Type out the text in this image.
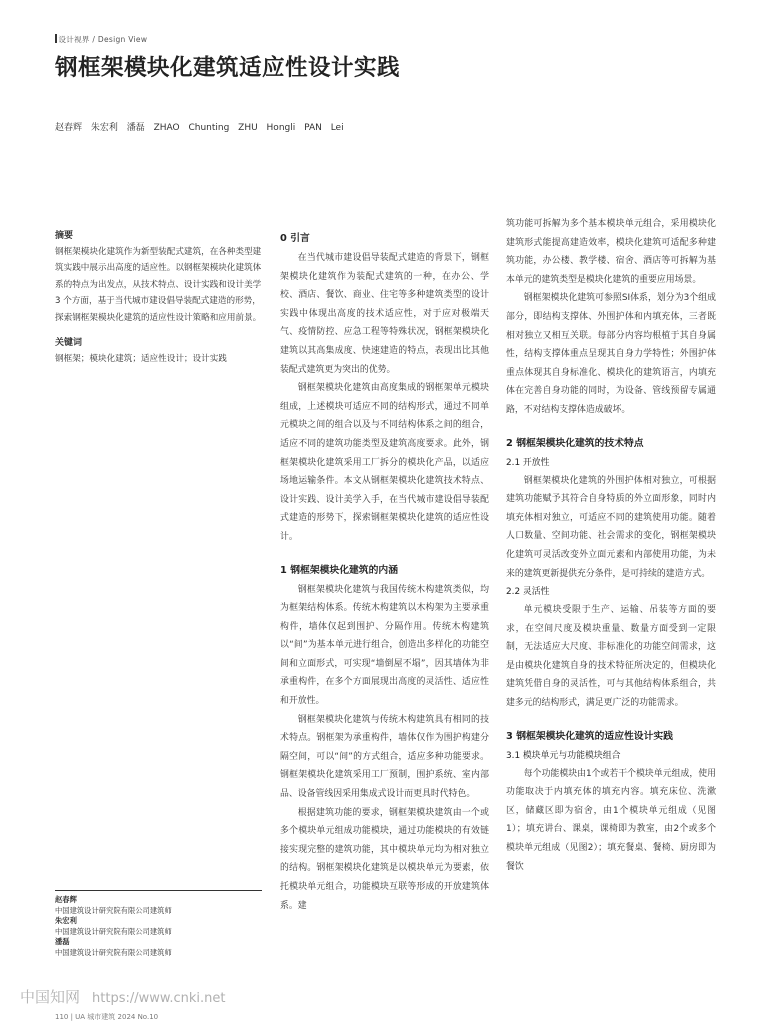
设计视界 / Design View
钢框架模块化建筑适应性设计实践
赵春辉 朱宏利 潘磊 ZHAO Chunting ZHU Hongli PAN Lei
摘要

钢框架模块化建筑作为新型装配式建筑，在各种类型建筑实践中展示出高度的适应性。以钢框架模块化建筑体系的特点为出发点，从技术特点、设计实践和设计美学 3 个方面，基于当代城市建设倡导装配式建造的形势，探索钢框架模块化建筑的适应性设计策略和应用前景。

关键词

钢框架；模块化建筑；适应性设计；设计实践

0 引言

在当代城市建设倡导装配式建造的背景下，钢框架模块化建筑作为装配式建筑的一种，在办公、学校、酒店、餐饮、商业、住宅等多种建筑类型的设计实践中体现出高度的技术适应性，对于应对极端天气、疫情防控、应急工程等特殊状况，钢框架模块化建筑以其高集成度、快速建造的特点，表现出比其他装配式建筑更为突出的优势。

钢框架模块化建筑由高度集成的钢框架单元模块组成，上述模块可适应不同的结构形式，通过不同单元模块之间的组合以及与不同结构体系之间的组合，适应不同的建筑功能类型及建筑高度要求。此外，钢框架模块化建筑采用工厂拆分的模块化产品，以适应场地运输条件。本文从钢框架模块化建筑技术特点、设计实践、设计美学入手，在当代城市建设倡导装配式建造的形势下，探索钢框架模块化建筑的适应性设计。

1 钢框架模块化建筑的内涵

钢框架模块化建筑与我国传统木构建筑类似，均为框架结构体系。传统木构建筑以木构架为主要承重构件，墙体仅起到围护、分隔作用。传统木构建筑以“间”为基本单元进行组合，创造出多样化的功能空间和立面形式，可实现“墙倒屋不塌”，因其墙体为非承重构件，在多个方面展现出高度的灵活性、适应性和开放性。

钢框架模块化建筑与传统木构建筑具有相同的技术特点。钢框架为承重构件，墙体仅作为围护构建分隔空间，可以“间”的方式组合，适应多种功能要求。钢框架模块化建筑采用工厂预制，围护系统、室内部品、设备管线因采用集成式设计而更具时代特色。

根据建筑功能的要求，钢框架模块建筑由一个或多个模块单元组成功能模块，通过功能模块的有效链接实现完整的建筑功能，其中模块单元均为相对独立的结构。钢框架模块化建筑是以模块单元为要素，依托模块单元组合，功能模块互联等形成的开放建筑体系。建

筑功能可拆解为多个基本模块单元组合，采用模块化建筑形式能提高建造效率，模块化建筑可适配多种建筑功能，办公楼、教学楼、宿舍、酒店等可拆解为基本单元的建筑类型是模块化建筑的重要应用场景。

钢框架模块化建筑可参照SI体系，划分为3个组成部分，即结构支撑体、外围护体和内填充体，三者既相对独立又相互关联。每部分内容均根植于其自身属性，结构支撑体重点呈现其自身力学特性；外围护体重点体现其自身标准化、模块化的建筑语言，内填充体在完善自身功能的同时，为设备、管线预留专属通路，不对结构支撑体造成破坏。

2 钢框架模块化建筑的技术特点
2.1 开放性

钢框架模块化建筑的外围护体相对独立，可根据建筑功能赋予其符合自身特质的外立面形象，同时内填充体相对独立，可适应不同的建筑使用功能。随着人口数量、空间功能、社会需求的变化，钢框架模块化建筑可灵活改变外立面元素和内部使用功能，为未来的建筑更新提供充分条件，是可持续的建造方式。

2.2 灵活性

单元模块受限于生产、运输、吊装等方面的要求，在空间尺度及模块重量、数量方面受到一定限制，无法适应大尺度、非标准化的功能空间需求，这是由模块化建筑自身的技术特征所决定的，但模块化建筑凭借自身的灵活性，可与其他结构体系组合，共建多元的结构形式，满足更广泛的功能需求。

3 钢框架模块化建筑的适应性设计实践
3.1 模块单元与功能模块组合

每个功能模块由1个或若干个模块单元组成，使用功能取决于内填充体的填充内容。填充床位、洗漱区，储藏区即为宿舍，由1个模块单元组成（见图1）；填充讲台、课桌，课椅即为教室，由2个或多个模块单元组成（见图2）；填充餐桌、餐椅、厨房即为餐饮

赵春辉
中国建筑设计研究院有限公司建筑师
朱宏利
中国建筑设计研究院有限公司建筑师
潘磊
中国建筑设计研究院有限公司建筑师
110 | UA 城市建筑 2024 No.10
中国知网 https://www.cnki.net
